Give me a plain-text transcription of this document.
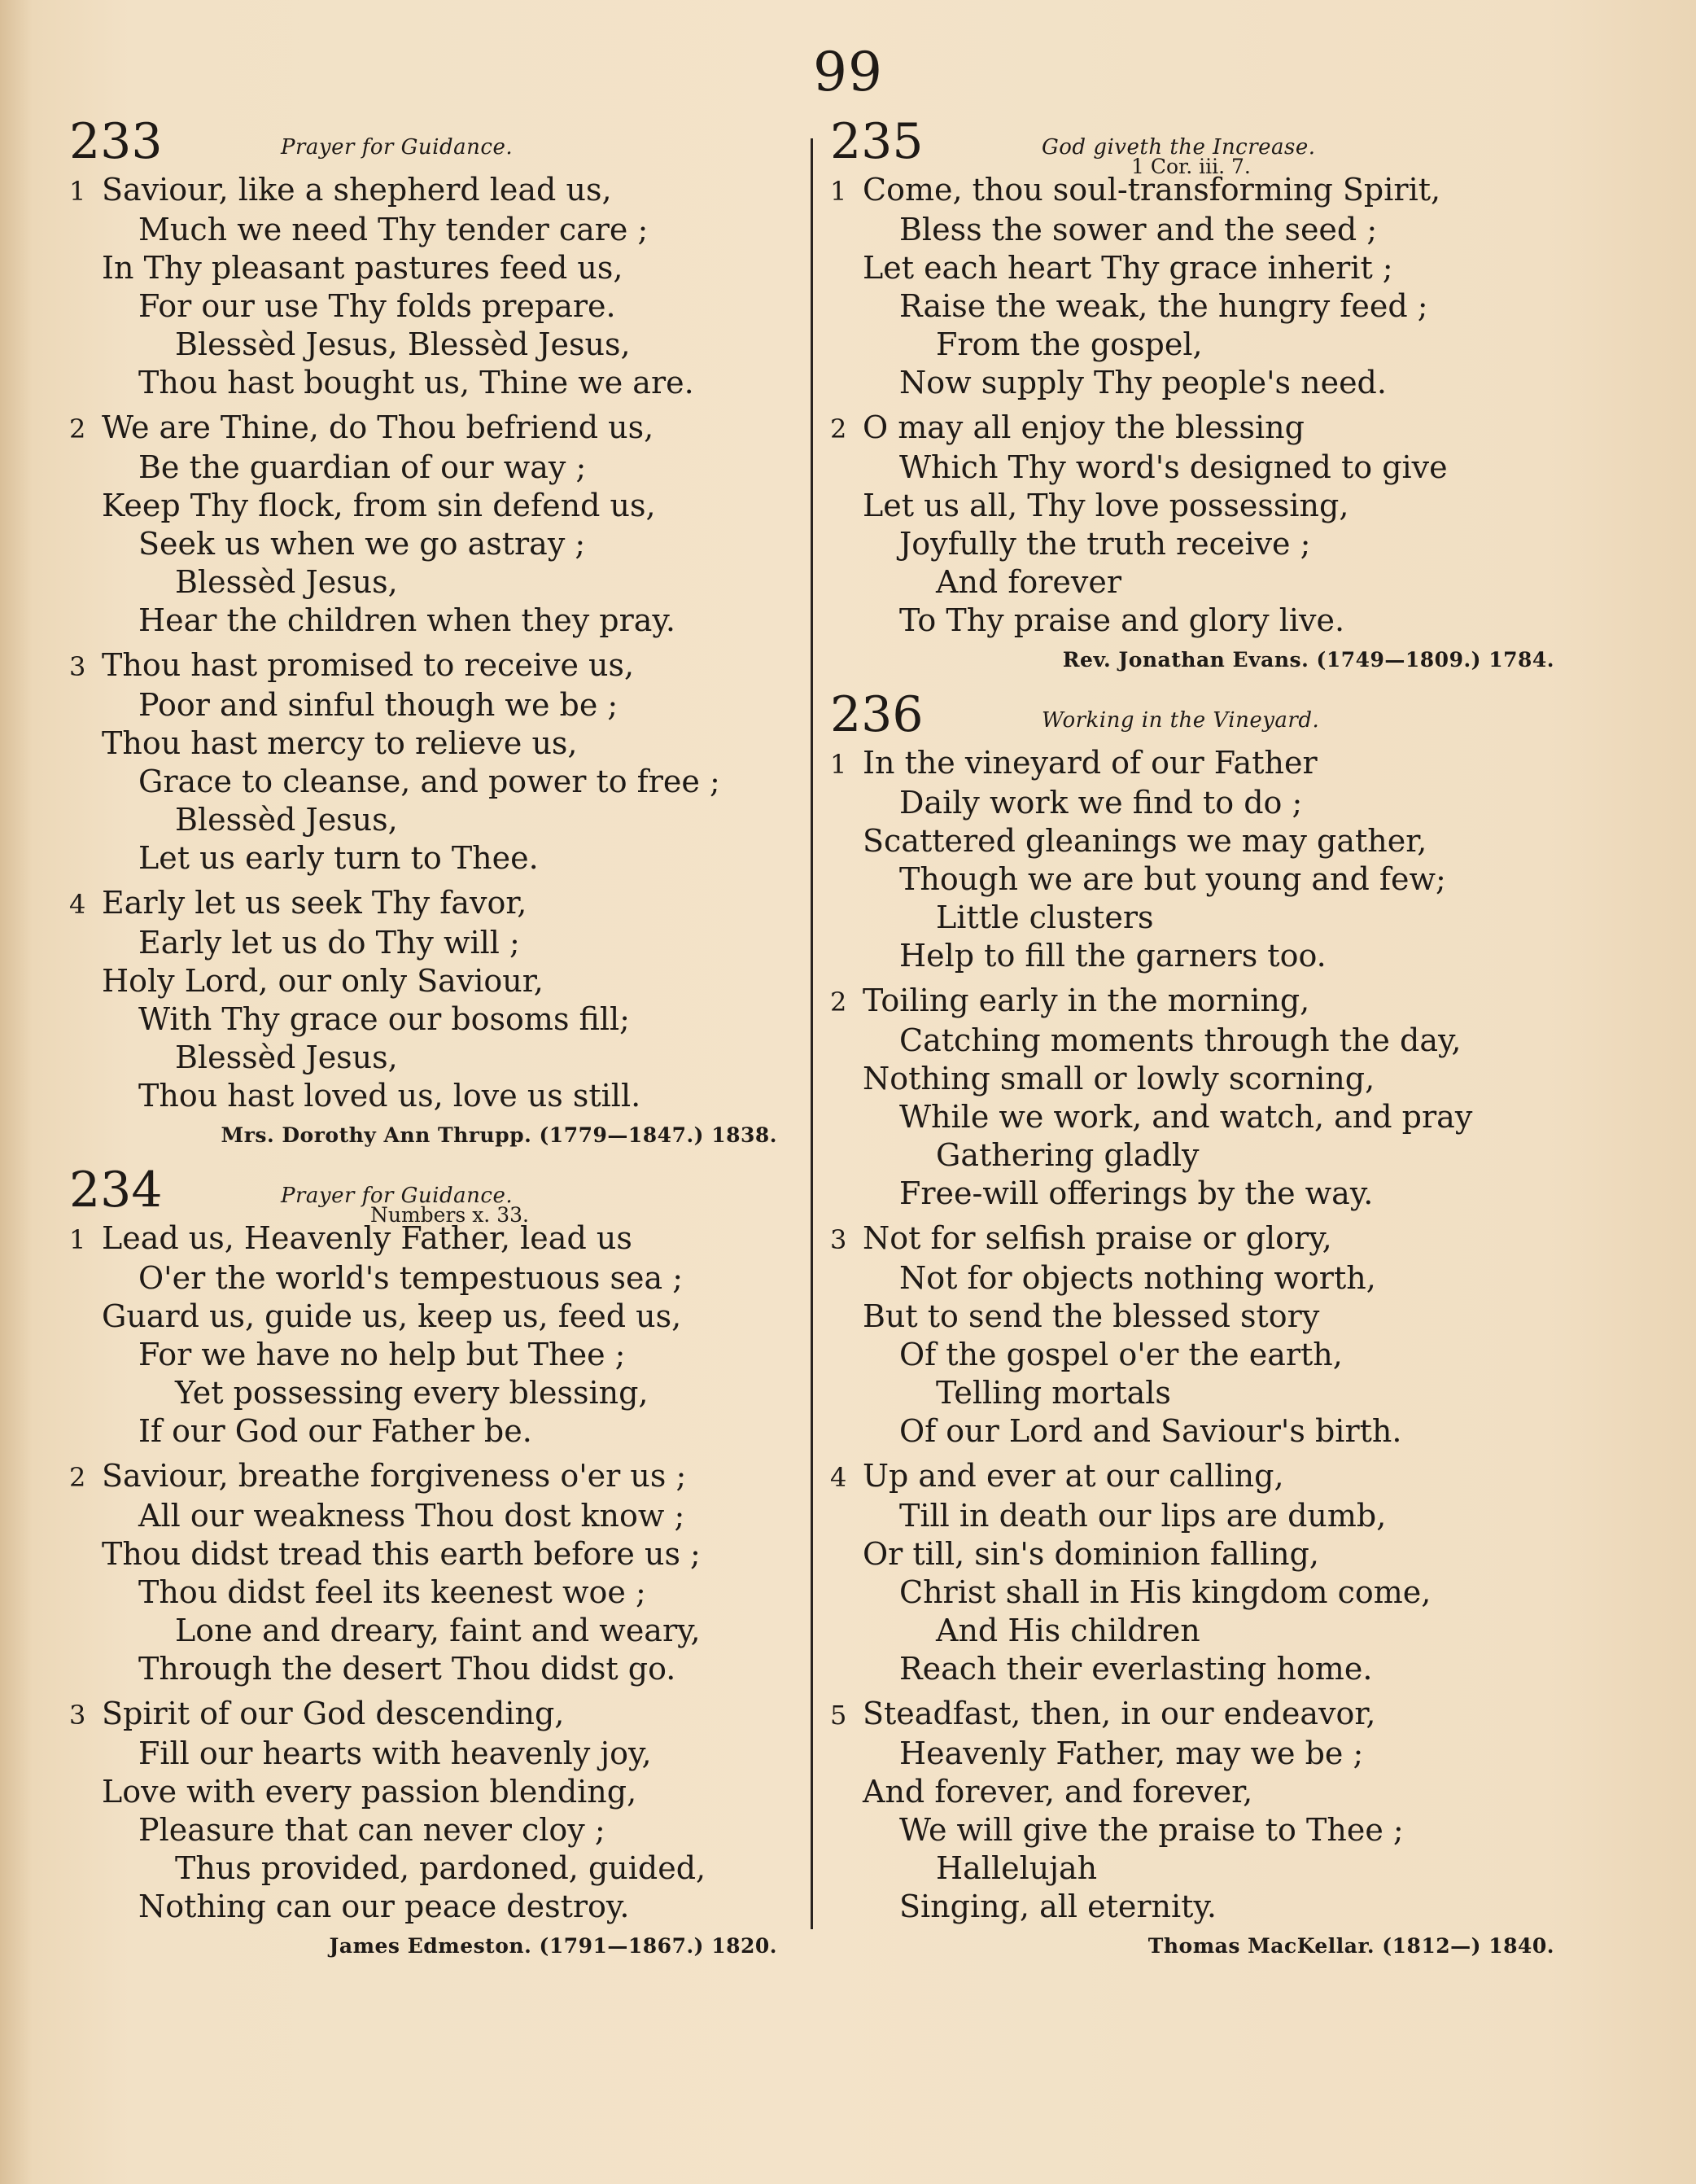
99
233	Prayer for Guidance.
1 Saviour, like a shepherd lead us,
Much we need Thy tender care ;
In Thy pleasant pastures feed us,
For our use Thy folds prepare.
Blessèd Jesus, Blessèd Jesus,
Thou hast bought us, Thine we are.
2 We are Thine, do Thou befriend us,
Be the guardian of our way ;
Keep Thy flock, from sin defend us,
Seek us when we go astray ;
Blessèd Jesus,
Hear the children when they pray.
3 Thou hast promised to receive us,
Poor and sinful though we be ;
Thou hast mercy to relieve us,
Grace to cleanse, and power to free ;
Blessèd Jesus,
Let us early turn to Thee.
4 Early let us seek Thy favor,
Early let us do Thy will ;
Holy Lord, our only Saviour,
With Thy grace our bosoms fill;
Blessèd Jesus,
Thou hast loved us, love us still.
Mrs. Dorothy Ann Thrupp. (1779—1847.) 1838.
234	Prayer for Guidance.
Numbers x. 33.
1 Lead us, Heavenly Father, lead us
O'er the world's tempestuous sea ;
Guard us, guide us, keep us, feed us,
For we have no help but Thee ;
Yet possessing every blessing,
If our God our Father be.
2 Saviour, breathe forgiveness o'er us ;
All our weakness Thou dost know ;
Thou didst tread this earth before us ;
Thou didst feel its keenest woe ;
Lone and dreary, faint and weary,
Through the desert Thou didst go.
3 Spirit of our God descending,
Fill our hearts with heavenly joy,
Love with every passion blending,
Pleasure that can never cloy ;
Thus provided, pardoned, guided,
Nothing can our peace destroy.
James Edmeston. (1791—1867.) 1820.
235	God giveth the Increase.
1 Cor. iii. 7.
1 Come, thou soul-transforming Spirit,
Bless the sower and the seed ;
Let each heart Thy grace inherit ;
Raise the weak, the hungry feed ;
From the gospel,
Now supply Thy people's need.
2 O may all enjoy the blessing
Which Thy word's designed to give
Let us all, Thy love possessing,
Joyfully the truth receive ;
And forever
To Thy praise and glory live.
Rev. Jonathan Evans. (1749—1809.) 1784.
236	Working in the Vineyard.
1 In the vineyard of our Father
Daily work we find to do ;
Scattered gleanings we may gather,
Though we are but young and few;
Little clusters
Help to fill the garners too.
2 Toiling early in the morning,
Catching moments through the day,
Nothing small or lowly scorning,
While we work, and watch, and pray
Gathering gladly
Free-will offerings by the way.
3 Not for selfish praise or glory,
Not for objects nothing worth,
But to send the blessed story
Of the gospel o'er the earth,
Telling mortals
Of our Lord and Saviour's birth.
4 Up and ever at our calling,
Till in death our lips are dumb,
Or till, sin's dominion falling,
Christ shall in His kingdom come,
And His children
Reach their everlasting home.
5 Steadfast, then, in our endeavor,
Heavenly Father, may we be ;
And forever, and forever,
We will give the praise to Thee ;
Hallelujah
Singing, all eternity.
Thomas MacKellar. (1812—) 1840.
